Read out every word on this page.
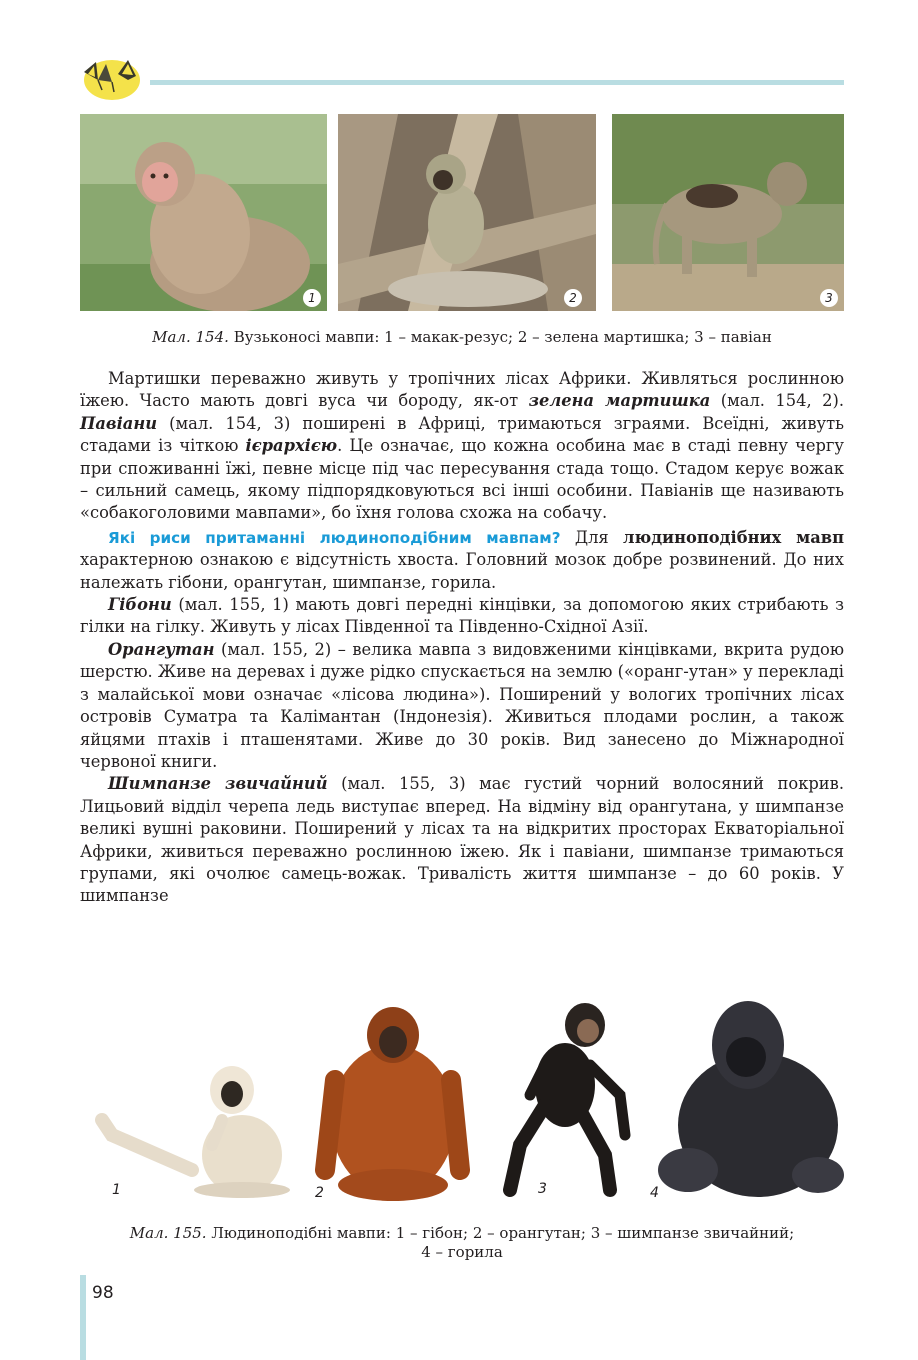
1	2	3
Мал. 154. Вузьконосі мавпи: 1 – макак-резус; 2 – зелена мартишка; 3 – павіан

Мартишки переважно живуть у тропічних лісах Африки. Живляться рослинною їжею. Часто мають довгі вуса чи бороду, як-от зелена мартишка (мал. 154, 2). Павіани (мал. 154, 3) поширені в Африці, тримаються зграями. Всеїдні, живуть стадами із чіткою ієрархією. Це означає, що кожна особина має в стаді певну чергу при споживанні їжі, певне місце під час пересування стада тощо. Стадом керує вожак – сильний самець, якому підпорядковуються всі інші особини. Павіанів ще називають «собакоголовими мавпами», бо їхня голова схожа на собачу.

Які риси притаманні людиноподібним мавпам? Для людиноподібних мавп характерною ознакою є відсутність хвоста. Головний мозок добре розвинений. До них належать гібони, орангутан, шимпанзе, горила.

Гібони (мал. 155, 1) мають довгі передні кінцівки, за допомогою яких стрибають з гілки на гілку. Живуть у лісах Південної та Південно-Східної Азії.

Орангутан (мал. 155, 2) – велика мавпа з видовженими кінцівками, вкрита рудою шерстю. Живе на деревах і дуже рідко спускається на землю («оранг-утан» у перекладі з малайської мови означає «лісова людина»). Поширений у вологих тропічних лісах островів Суматра та Калімантан (Індонезія). Живиться плодами рослин, а також яйцями птахів і пташенятами. Живе до 30 років. Вид занесено до Міжнародної червоної книги.

Шимпанзе звичайний (мал. 155, 3) має густий чорний волосяний покрив. Лицьовий відділ черепа ледь виступає вперед. На відміну від орангутана, у шимпанзе великі вушні раковини. Поширений у лісах та на відкритих просторах Екваторіальної Африки, живиться переважно рослинною їжею. Як і павіани, шимпанзе тримаються групами, які очолює самець-вожак. Тривалість життя шимпанзе – до 60 років. У шимпанзе

1	2	3	4
Мал. 155. Людиноподібні мавпи: 1 – гібон; 2 – орангутан; 3 – шимпанзе звичайний;
4 – горила
98
